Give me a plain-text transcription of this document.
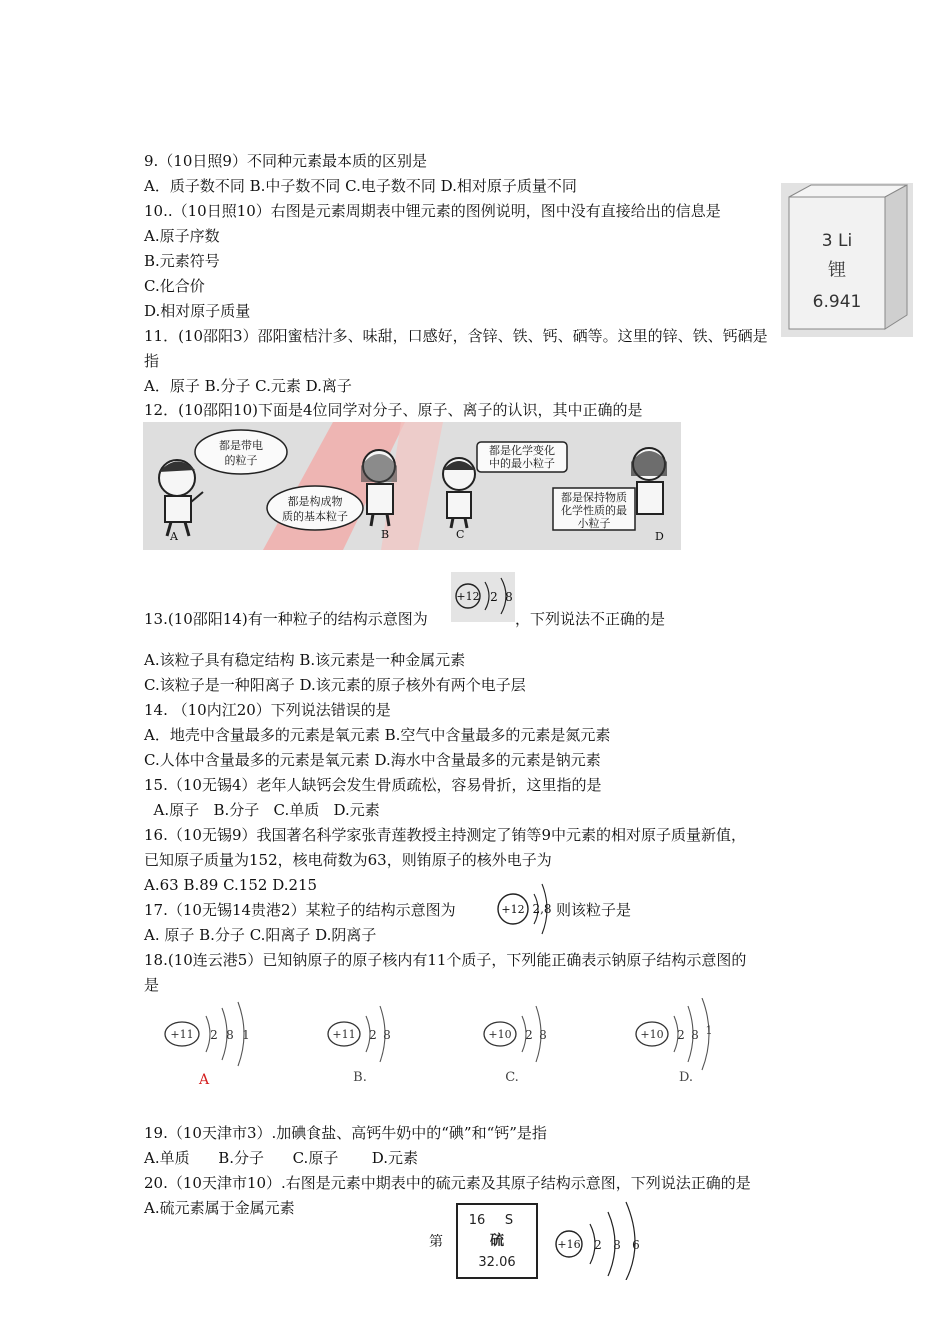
9.（10日照9）不同种元素最本质的区别是
A．质子数不同 B.中子数不同 C.电子数不同 D.相对原子质量不同
10..（10日照10）右图是元素周期表中锂元素的图例说明，图中没有直接给出的信息是
A.原子序数
B.元素符号
C.化合价
D.相对原子质量
3 Li
锂
6.941
11．(10邵阳3）邵阳蜜桔汁多、味甜，口感好，含锌、铁、钙、硒等。这里的锌、铁、钙硒是
指
A．原子 B.分子 C.元素 D.离子
12．(10邵阳10)下面是4位同学对分子、原子、离子的认识，其中正确的是
都是带电
的粒子
A
都是构成物
质的基本粒子
B
都是化学变化
中的最小粒子
C
都是保持物质
化学性质的最
小粒子
D
13.(10邵阳14)有一种粒子的结构示意图为
+12 2 8
，下列说法不正确的是
A.该粒子具有稳定结构 B.该元素是一种金属元素
C.该粒子是一种阳离子 D.该元素的原子核外有两个电子层
14. （10内江20）下列说法错误的是
A．地壳中含量最多的元素是氧元素 B.空气中含量最多的元素是氮元素
C.人体中含量最多的元素是氧元素 D.海水中含量最多的元素是钠元素
15.（10无锡4）老年人缺钙会发生骨质疏松，容易骨折，这里指的是
A.原子   B.分子   C.单质   D.元素
16.（10无锡9）我国著名科学家张青莲教授主持测定了铕等9中元素的相对原子质量新值，
已知原子质量为152，核电荷数为63，则铕原子的核外电子为
A.63 B.89 C.152 D.215
17.（10无锡14贵港2）某粒子的结构示意图为	+12 2,8 则该粒子是
A. 原子 B.分子 C.阳离子 D.阴离子
18.(10连云港5）已知钠原子的原子核内有11个质子，下列能正确表示钠原子结构示意图的
是
+11 2 8 1
A
+11 2 8
B.
+10 2 8
C.
+10 2 8 1
D.
19.（10天津市3）.加碘食盐、高钙牛奶中的“碘”和“钙”是指
A.单质      B.分子      C.原子       D.元素
20.（10天津市10）.右图是元素中期表中的硫元素及其原子结构示意图，下列说法正确的是
A.硫元素属于金属元素
第
16 S
硫
32.06
+16 2 8 6
